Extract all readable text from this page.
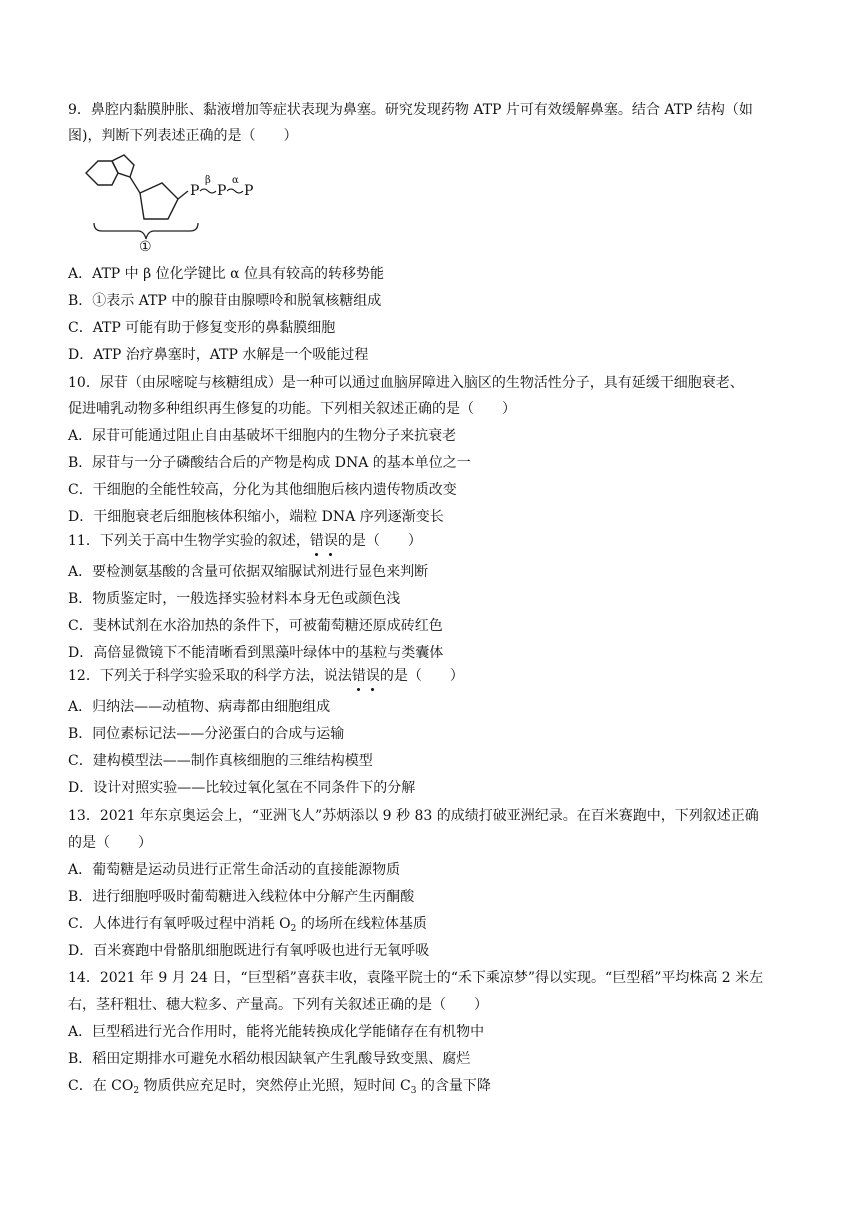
9．鼻腔内黏膜肿胀、黏液增加等症状表现为鼻塞。研究发现药物 ATP 片可有效缓解鼻塞。结合 ATP 结构（如
图)，判断下列表述正确的是（　　）
P
β
P
α
P
①
A．ATP 中 β 位化学键比 α 位具有较高的转移势能
B．①表示 ATP 中的腺苷由腺嘌呤和脱氧核糖组成
C．ATP 可能有助于修复变形的鼻黏膜细胞
D．ATP 治疗鼻塞时，ATP 水解是一个吸能过程
10．尿苷（由尿嘧啶与核糖组成）是一种可以通过血脑屏障进入脑区的生物活性分子，具有延缓干细胞衰老、
促进哺乳动物多种组织再生修复的功能。下列相关叙述正确的是（　　）
A．尿苷可能通过阻止自由基破坏干细胞内的生物分子来抗衰老
B．尿苷与一分子磷酸结合后的产物是构成 DNA 的基本单位之一
C．干细胞的全能性较高，分化为其他细胞后核内遗传物质改变
D．干细胞衰老后细胞核体积缩小，端粒 DNA 序列逐渐变长
11．下列关于高中生物学实验的叙述，错误的是（　　）
A．要检测氨基酸的含量可依据双缩脲试剂进行显色来判断
B．物质鉴定时，一般选择实验材料本身无色或颜色浅
C．斐林试剂在水浴加热的条件下，可被葡萄糖还原成砖红色
D．高倍显微镜下不能清晰看到黑藻叶绿体中的基粒与类囊体
12．下列关于科学实验采取的科学方法，说法错误的是（　　）
A．归纳法——动植物、病毒都由细胞组成
B．同位素标记法——分泌蛋白的合成与运输
C．建构模型法——制作真核细胞的三维结构模型
D．设计对照实验——比较过氧化氢在不同条件下的分解
13．2021 年东京奥运会上，“亚洲飞人”苏炳添以 9 秒 83 的成绩打破亚洲纪录。在百米赛跑中，下列叙述正确
的是（　　）
A．葡萄糖是运动员进行正常生命活动的直接能源物质
B．进行细胞呼吸时葡萄糖进入线粒体中分解产生丙酮酸
C．人体进行有氧呼吸过程中消耗 $O_2$ 的场所在线粒体基质
D．百米赛跑中骨骼肌细胞既进行有氧呼吸也进行无氧呼吸
14．2021 年 9 月 24 日，“巨型稻”喜获丰收，袁隆平院士的“禾下乘凉梦”得以实现。“巨型稻”平均株高 2 米左
右，茎秆粗壮、穗大粒多、产量高。下列有关叙述正确的是（　　）
A．巨型稻进行光合作用时，能将光能转换成化学能储存在有机物中
B．稻田定期排水可避免水稻幼根因缺氧产生乳酸导致变黑、腐烂
C．在 $CO_2$ 物质供应充足时，突然停止光照，短时间 $C_3$ 的含量下降
